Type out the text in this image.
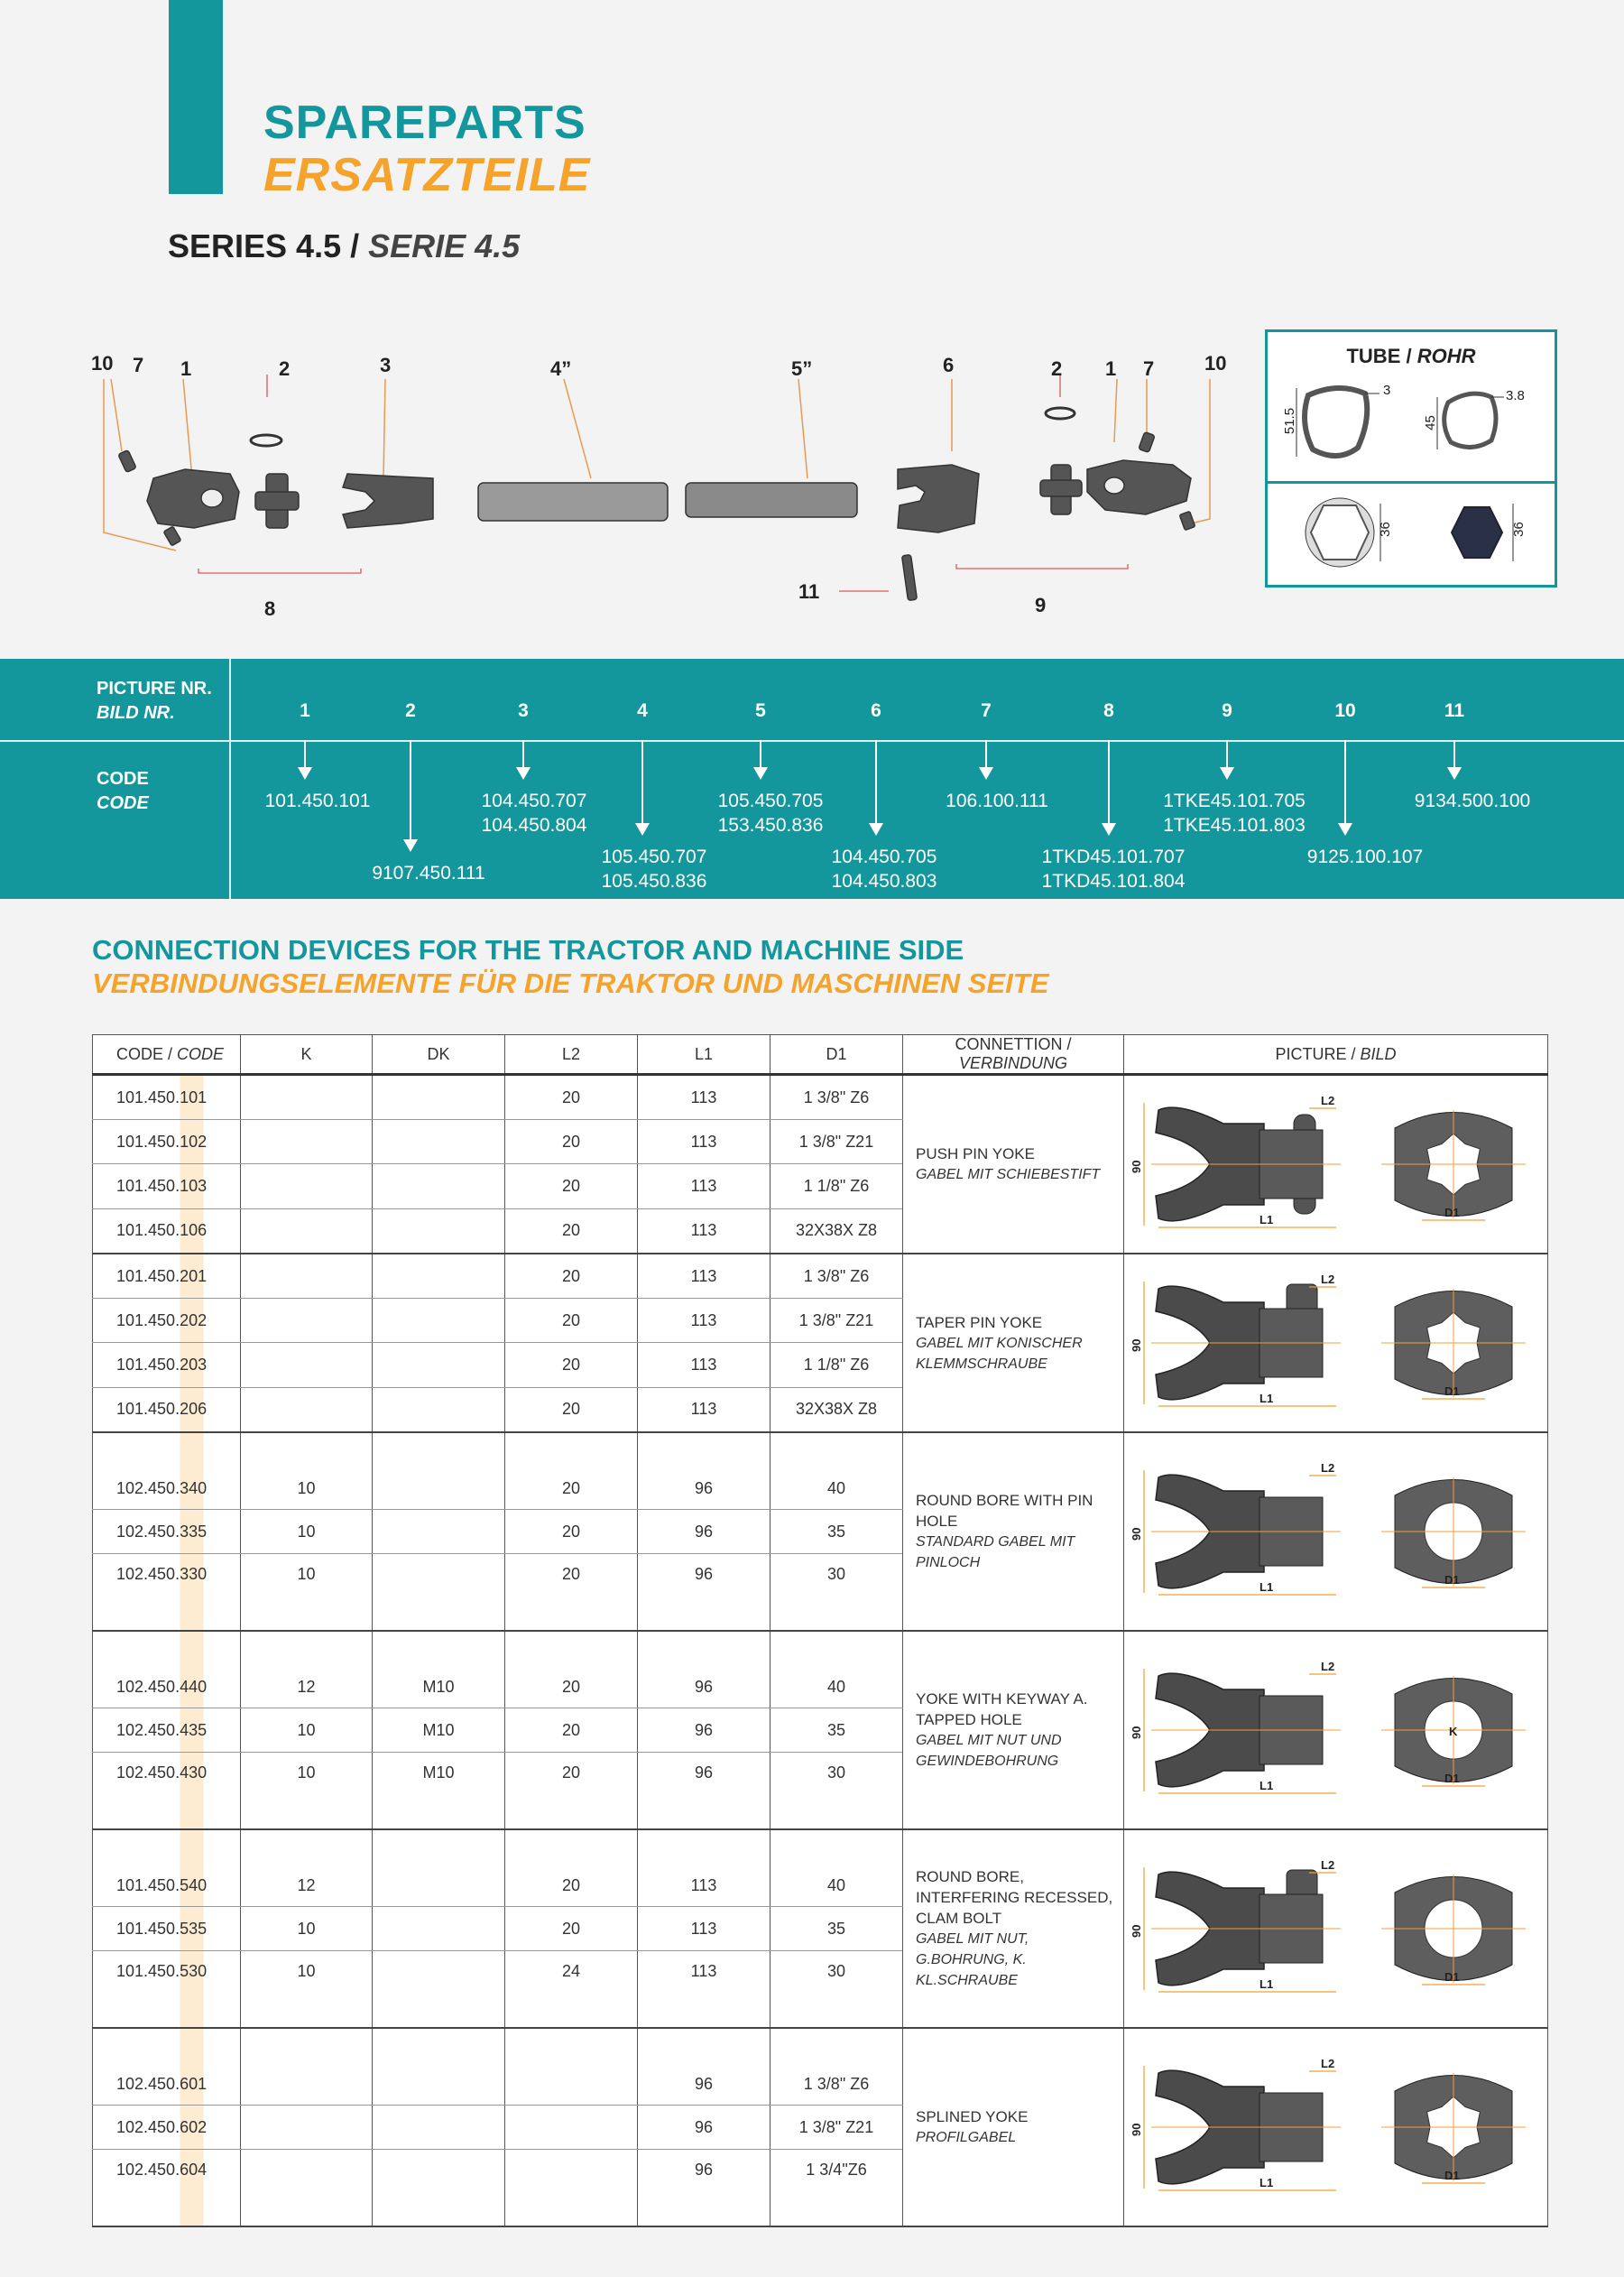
SPAREPARTS
ERSATZTEILE
SERIES 4.5 / SERIE 4.5
10 7 1	2	3	4”	5”	6	2 1 7	10
8
11
9
TUBE / ROHR
51.5
3
45
3.8
36	36
PICTURE NR.
BILD NR.
CODE
CODE
1
101.450.101
2
9107.450.111
3
104.450.707
104.450.804
4
105.450.707
105.450.836
5
105.450.705
153.450.836
6
104.450.705
104.450.803
7
106.100.111
8
1TKD45.101.707
1TKD45.101.804
9
1TKE45.101.705
1TKE45.101.803
10
9125.100.107
11
9134.500.100
CONNECTION DEVICES FOR THE TRACTOR AND MACHINE SIDE
VERBINDUNGSELEMENTE FÜR DIE TRAKTOR UND MASCHINEN SEITE
CODE / CODE	K	DK	L2	L1	D1	CONNETTION / VERBINDUNG	PICTURE / BILD
101.450.101			20	113	1 3/8" Z6	PUSH PIN YOKE
GABEL MIT SCHIEBESTIFT	90
L1
L2
D1

101.450.102			20	113	1 3/8" Z21		
101.450.103			20	113	1 1/8" Z6		
101.450.106			20	113	32X38X Z8		
101.450.201			20	113	1 3/8" Z6	TAPER PIN YOKE
GABEL MIT KONISCHER KLEMMSCHRAUBE	90
L1
L2
D1

101.450.202			20	113	1 3/8" Z21		
101.450.203			20	113	1 1/8" Z6		
101.450.206			20	113	32X38X Z8		
102.450.340	10		20	96	40	ROUND BORE WITH PIN HOLE
STANDARD GABEL MIT PINLOCH	90
L1
L2
D1

102.450.335	10		20	96	35		
102.450.330	10		20	96	30		
102.450.440	12	M10	20	96	40	YOKE WITH KEYWAY A. TAPPED HOLE
GABEL MIT NUT UND GEWINDEBOHRUNG	90
L1
L2
D1
K

102.450.435	10	M10	20	96	35		
102.450.430	10	M10	20	96	30		
101.450.540	12		20	113	40	ROUND BORE, INTERFERING RECESSED, CLAM BOLT
GABEL MIT NUT, G.BOHRUNG, K. KL.SCHRAUBE	90
L1
L2
D1

101.450.535	10		20	113	35		
101.450.530	10		24	113	30		
102.450.601				96	1 3/8" Z6	SPLINED YOKE
PROFILGABEL	90
L1
L2
D1

102.450.602				96	1 3/8" Z21		
102.450.604				96	1 3/4"Z6		
